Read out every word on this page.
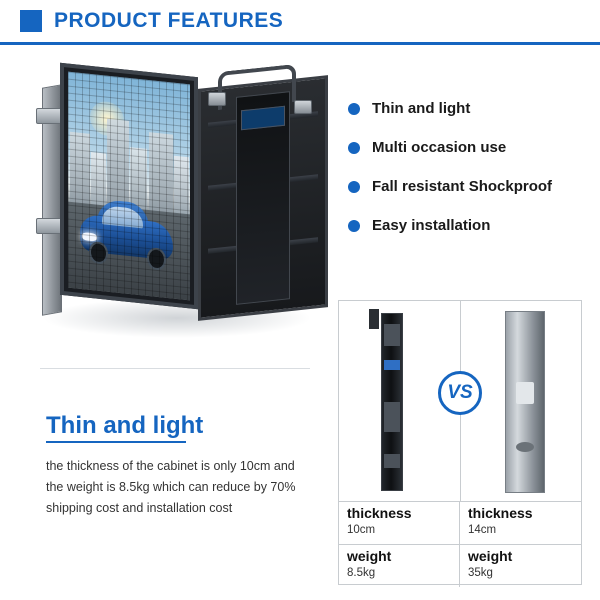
PRODUCT FEATURES
Thin and light
Multi occasion use
Fall resistant Shockproof
Easy installation
Thin and light
the thickness of the cabinet is only 10cm and the weight is 8.5kg which can reduce by 70% shipping cost and installation cost
VS
thickness
10cm
thickness
14cm
weight
8.5kg
weight
35kg
